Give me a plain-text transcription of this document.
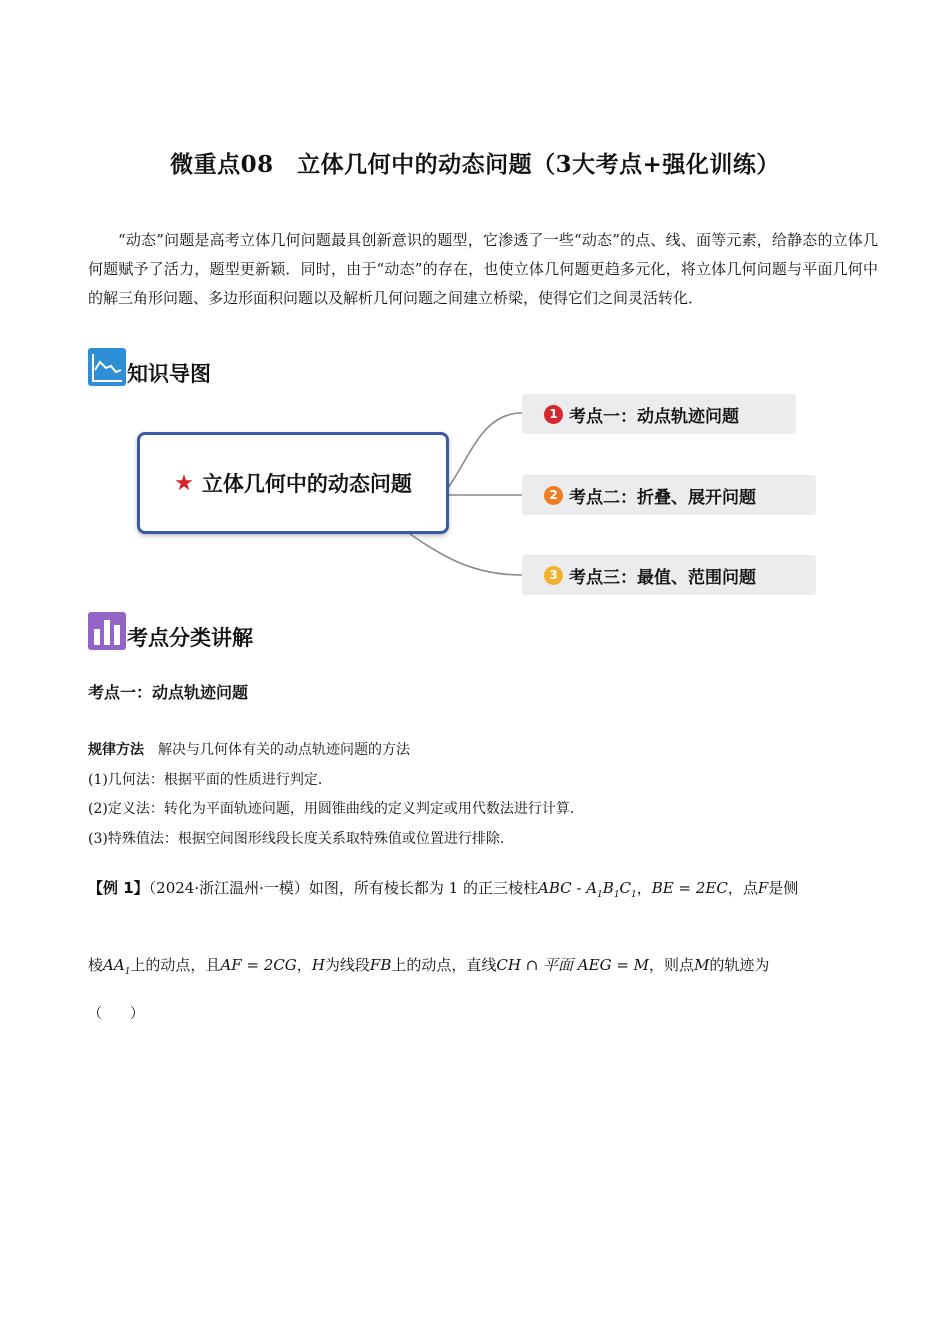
微重点08　立体几何中的动态问题（3大考点+强化训练）

“动态”问题是高考立体几何问题最具创新意识的题型，它渗透了一些“动态”的点、线、面等元素，给静态的立体几何题赋予了活力，题型更新颖．同时，由于“动态”的存在，也使立体几何题更趋多元化，将立体几何问题与平面几何中的解三角形问题、多边形面积问题以及解析几何问题之间建立桥梁，使得它们之间灵活转化．

知识导图
★ 立体几何中的动态问题
1 考点一：动点轨迹问题
2 考点二：折叠、展开问题
3 考点三：最值、范围问题
考点分类讲解
考点一：动点轨迹问题
规律方法 解决与几何体有关的动点轨迹问题的方法
(1)几何法：根据平面的性质进行判定．
(2)定义法：转化为平面轨迹问题，用圆锥曲线的定义判定或用代数法进行计算．
(3)特殊值法：根据空间图形线段长度关系取特殊值或位置进行排除．
【例 1】（2024·浙江温州·一模）如图，所有棱长都为 1 的正三棱柱ABC - $A_1B_1C_1$，BE = 2EC，点F是侧
棱$AA_1$上的动点，且AF = 2CG，H为线段FB上的动点，直线CH ∩ 平面 AEG = M，则点M的轨迹为
（　　）
